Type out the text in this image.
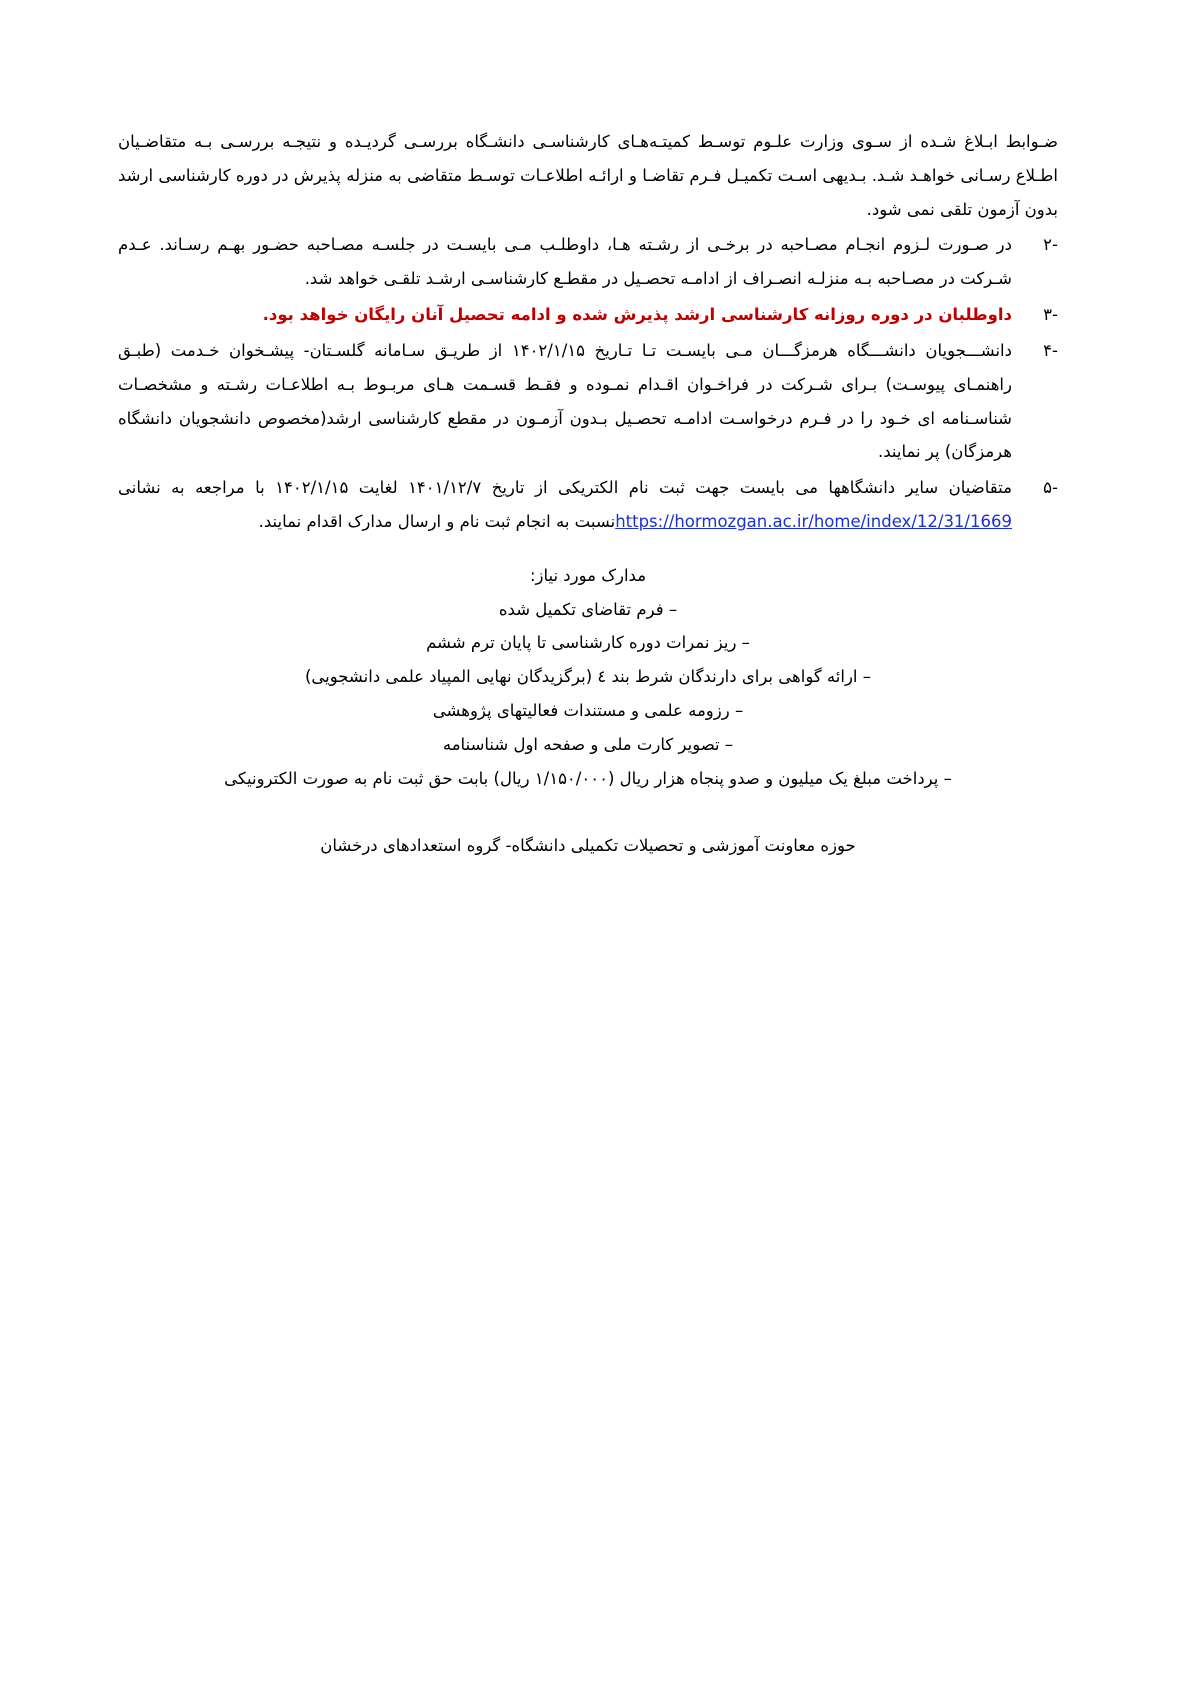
ضـوابط ابـلاغ شـده از سـوی وزارت علـوم توسـط کمیتـه‌هـای کارشناسـی دانشـگاه بررسـی گردیـده و نتیجـه بررسـی بـه متقاضـیان اطـلاع رسـانی خواهـد شـد. بـدیهی اسـت تکمیـل فـرم تقاضـا و ارائـه اطلاعـات توسـط متقاضی به منزله پذیرش در دوره کارشناسی ارشد بدون آزمون تلقی نمی شود.

-۲
در صـورت لـزوم انجـام مصـاحبه در برخـی از رشـته هـا، داوطلـب مـی بایسـت در جلسـه مصـاحبه حضـور بهـم رسـاند. عـدم شـرکت در مصـاحبه بـه منزلـه انصـراف از ادامـه تحصـیل در مقطـع کارشناسـی ارشـد تلقـی خواهد شد.
-۳
داوطلبان در دوره روزانه کارشناسی ارشد پذیرش شده و ادامه تحصیل آنان رایگان خواهد بود.
-۴
دانشـــجویان دانشـــگاه هرمزگـــان مـی بایسـت تـا تـاریخ ۱۴۰۲/۱/۱۵ از طریـق سـامانه گلسـتان- پیشـخوان خـدمت (طبـق راهنمـای پیوسـت) بـرای شـرکت در فراخـوان اقـدام نمـوده و فقـط قسـمت هـای مربـوط بـه اطلاعـات رشـته و مشخصـات شناسـنامه ای خـود را در فـرم درخواسـت ادامـه تحصـیل بـدون آزمـون در مقطع کارشناسی ارشد(مخصوص دانشجویان دانشگاه هرمزگان) پر نمایند.
-۵
متقاضیان سایر دانشگاهها می بایست جهت ثبت نام الکتریکی از تاریخ ۱۴۰۱/۱۲/۷ لغایت ۱۴۰۲/۱/۱۵ با مراجعه به نشانی https://hormozgan.ac.ir/home/index/12/31/1669نسبت به انجام ثبت نام و ارسال مدارک اقدام نمایند.

مدارک مورد نیاز:

– فرم تقاضای تکمیل شده

– ریز نمرات دوره کارشناسی تا پایان ترم ششم

– ارائه گواهی برای دارندگان شرط بند ٤ (برگزیدگان نهایی المپیاد علمی دانشجویی)

– رزومه علمی و مستندات فعالیتهای پژوهشی

– تصویر کارت ملی و صفحه اول شناسنامه

– پرداخت مبلغ یک میلیون و صدو پنجاه هزار ریال (۱/۱۵۰/۰۰۰ ریال) بابت حق ثبت نام به صورت الکترونیکی

حوزه معاونت آموزشی و تحصیلات تکمیلی دانشگاه- گروه استعدادهای درخشان
